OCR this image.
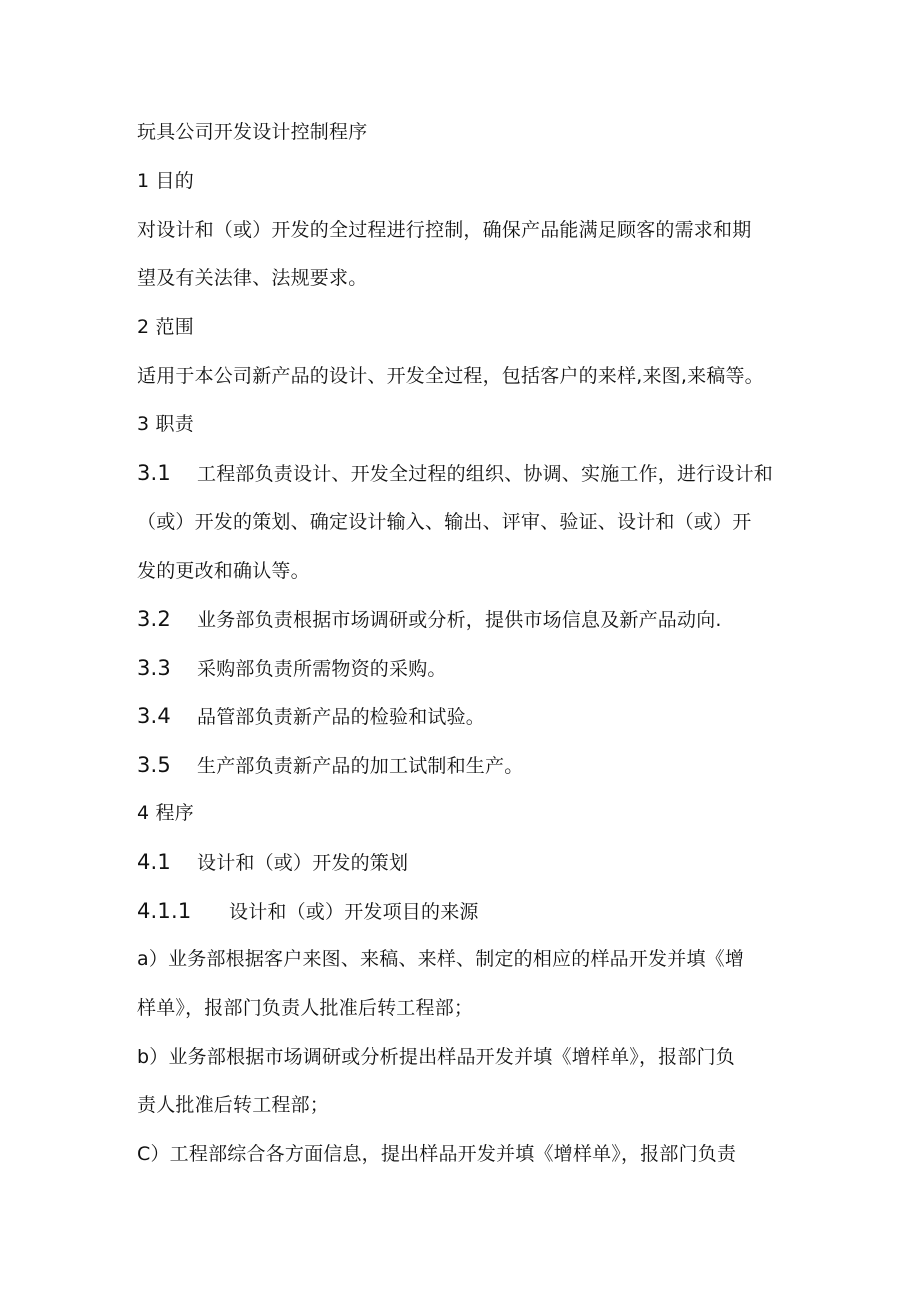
玩具公司开发设计控制程序
1 目的
对设计和（或）开发的全过程进行控制，确保产品能满足顾客的需求和期
望及有关法律、法规要求。
2 范围
适用于本公司新产品的设计、开发全过程，包括客户的来样,来图,来稿等。
3 职责
3.1 工程部负责设计、开发全过程的组织、协调、实施工作，进行设计和
（或）开发的策划、确定设计输入、输出、评审、验证、设计和（或）开
发的更改和确认等。
3.2 业务部负责根据市场调研或分析，提供市场信息及新产品动向.
3.3 采购部负责所需物资的采购。
3.4 品管部负责新产品的检验和试验。
3.5 生产部负责新产品的加工试制和生产。
4 程序
4.1 设计和（或）开发的策划
4.1.1 设计和（或）开发项目的来源
a）业务部根据客户来图、来稿、来样、制定的相应的样品开发并填《增
样单》，报部门负责人批准后转工程部；
b）业务部根据市场调研或分析提出样品开发并填《增样单》，报部门负
责人批准后转工程部；
C）工程部综合各方面信息，提出样品开发并填《增样单》，报部门负责
